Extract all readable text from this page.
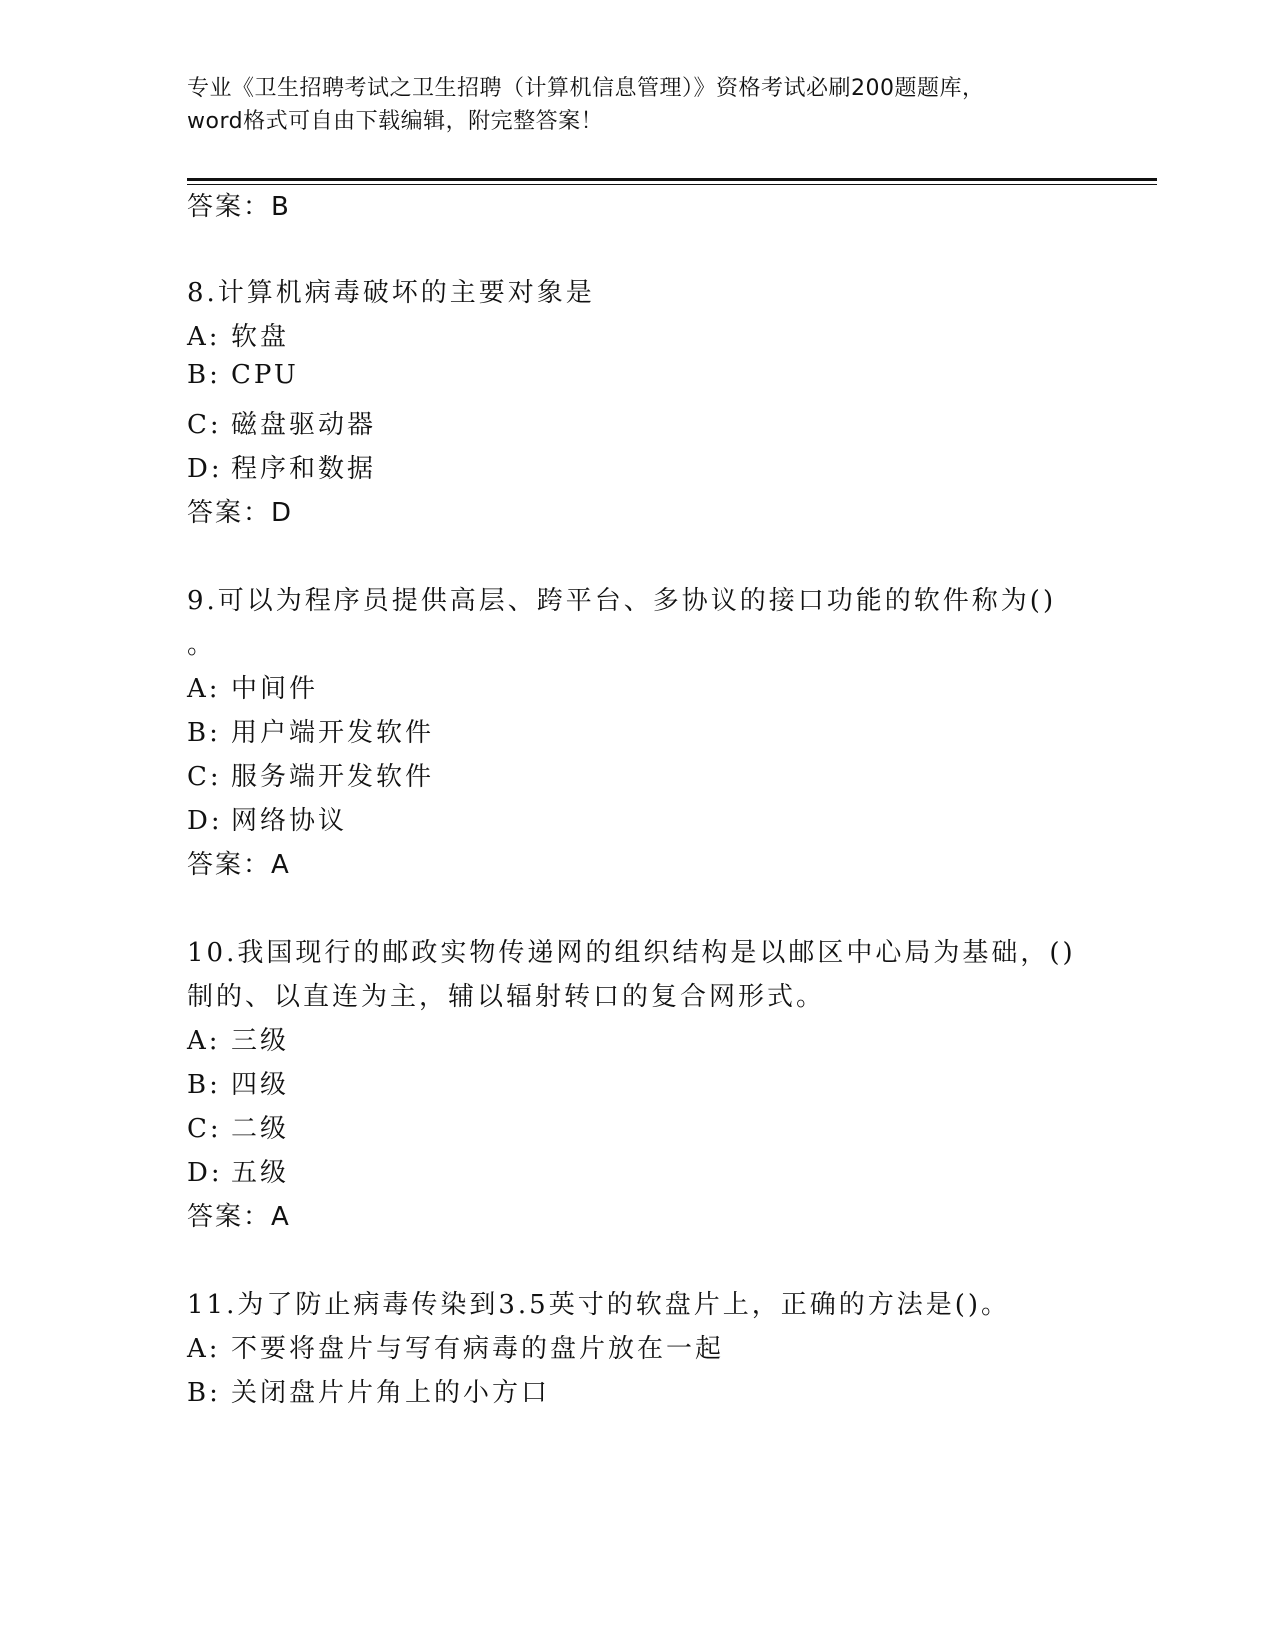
专业《卫生招聘考试之卫生招聘（计算机信息管理）》资格考试必刷200题题库，
word格式可自由下载编辑，附完整答案！
答案：B
8.计算机病毒破坏的主要对象是
A: 软盘
B: CPU
C: 磁盘驱动器
D: 程序和数据
答案：D
9.可以为程序员提供高层、跨平台、多协议的接口功能的软件称为()
。
A: 中间件
B: 用户端开发软件
C: 服务端开发软件
D: 网络协议
答案：A
10.我国现行的邮政实物传递网的组织结构是以邮区中心局为基础，()
制的、以直连为主，辅以辐射转口的复合网形式。
A: 三级
B: 四级
C: 二级
D: 五级
答案：A
11.为了防止病毒传染到3.5英寸的软盘片上，正确的方法是()。
A: 不要将盘片与写有病毒的盘片放在一起
B: 关闭盘片片角上的小方口
